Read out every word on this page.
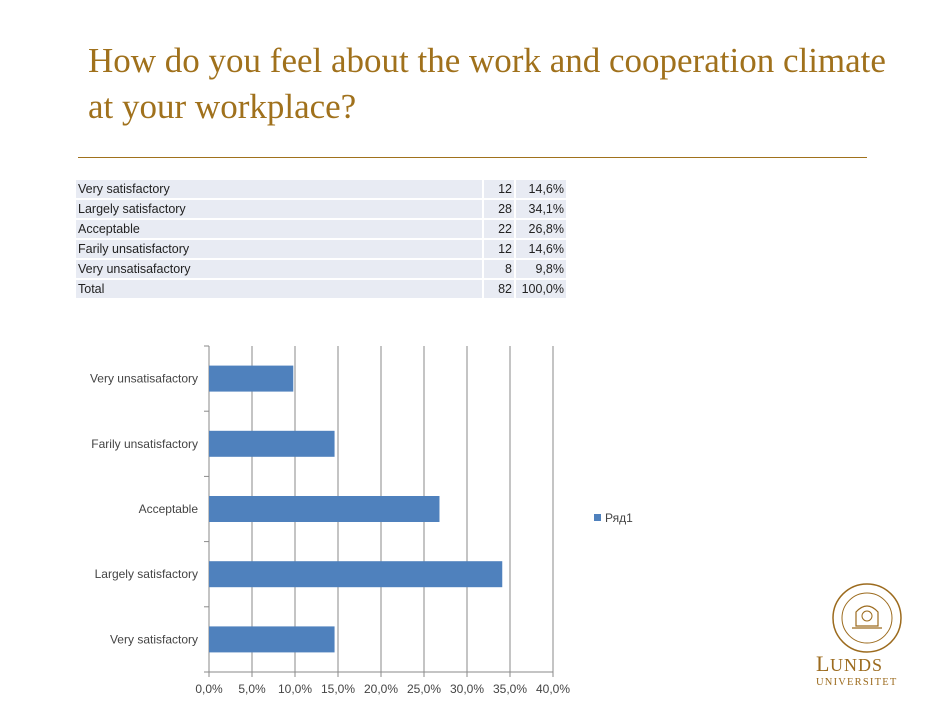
How do you feel about the work and cooperation climate at your workplace?
Very satisfactory	12	14,6%
Largely satisfactory	28	34,1%
Acceptable	22	26,8%
Farily unsatisfactory	12	14,6%
Very unsatisafactory	8	9,8%
Total	82	100,0%
0,0% 5,0% 10,0% 15,0% 20,0% 25,0% 30,0% 35,0% 40,0%
Very satisfactory
Largely satisfactory
Acceptable
Farily unsatisfactory
Very unsatisafactory
Ряд1
L UNDS
UNIVERSITET
